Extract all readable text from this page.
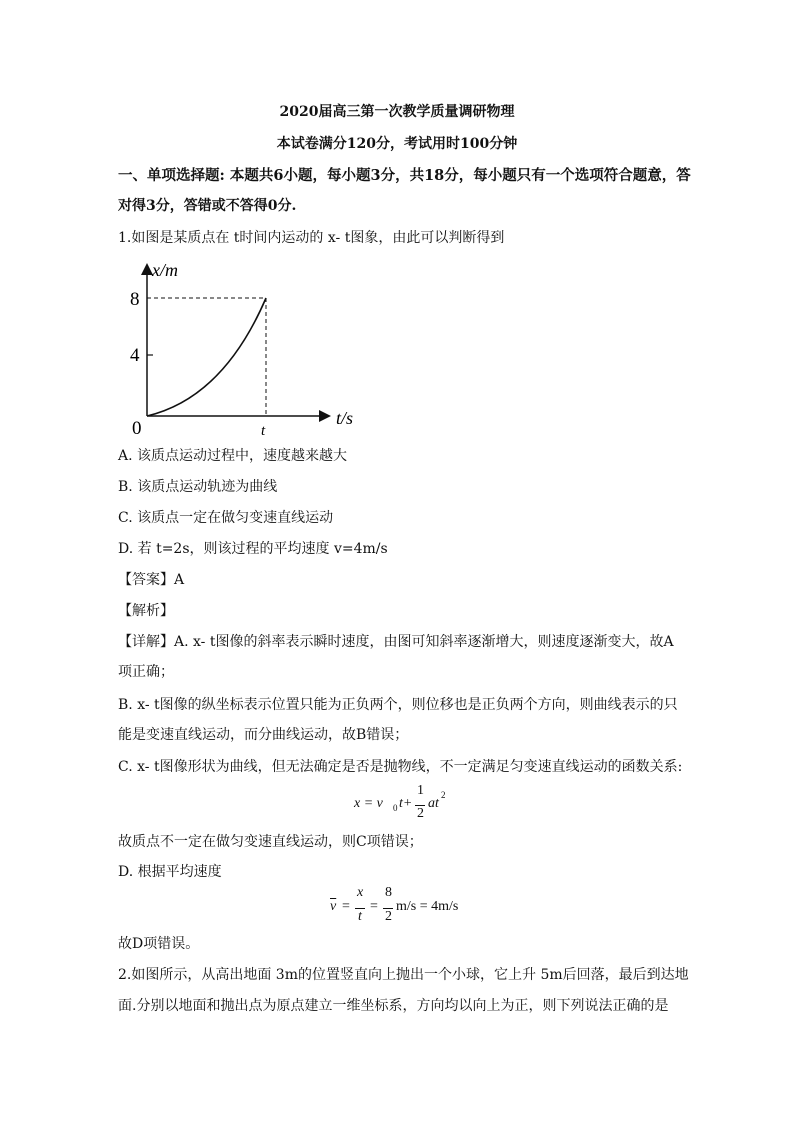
2020届高三第一次教学质量调研物理
本试卷满分120分，考试用时100分钟
一、单项选择题: 本题共6小题，每小题3分，共18分，每小题只有一个选项符合题意，答
对得3分，答错或不答得0分.
1.如图是某质点在 t时间内运动的 x- t图象，由此可以判断得到
x/m
8
4
0	t
t/s
A. 该质点运动过程中，速度越来越大
B. 该质点运动轨迹为曲线
C. 该质点一定在做匀变速直线运动
D. 若 t=2s，则该过程的平均速度 v=4m/s
【答案】A
【解析】
【详解】A. x- t图像的斜率表示瞬时速度，由图可知斜率逐渐增大，则速度逐渐变大，故A
项正确；
B. x- t图像的纵坐标表示位置只能为正负两个，则位移也是正负两个方向，则曲线表示的只
能是变速直线运动，而分曲线运动，故B错误；
C. x- t图像形状为曲线，但无法确定是否是抛物线，不一定满足匀变速直线运动的函数关系:
x = v 0 t+
1
2
at
2
故质点不一定在做匀变速直线运动，则C项错误；
D. 根据平均速度
$\overline{v}$ =
x
t
=
8
2
m/s = 4m/s
故D项错误。
2.如图所示，从高出地面 3m的位置竖直向上抛出一个小球，它上升 5m后回落，最后到达地
面.分别以地面和抛出点为原点建立一维坐标系，方向均以向上为正，则下列说法正确的是
